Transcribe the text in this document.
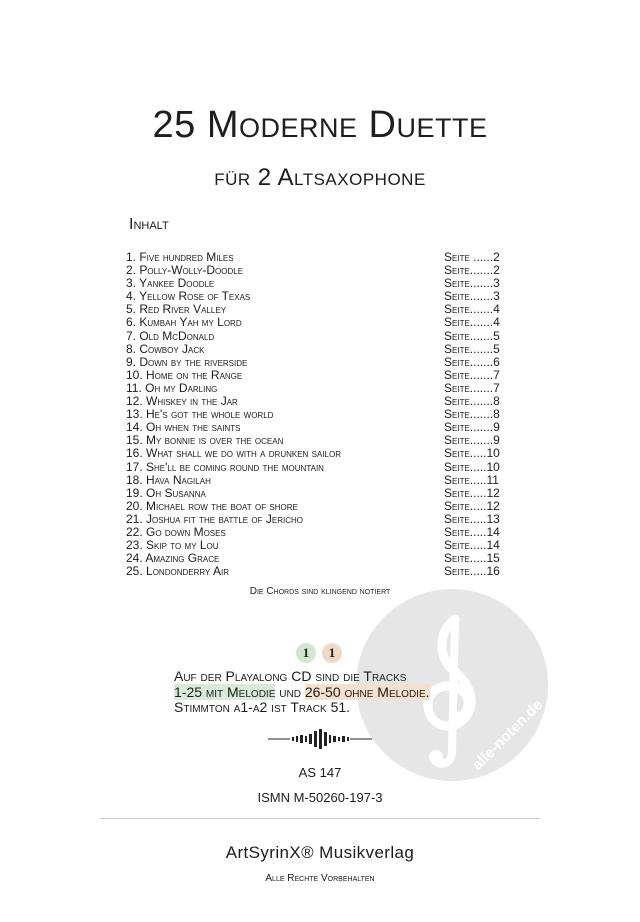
alle-noten.de
25 Moderne Duette
für 2 Altsaxophone
Inhalt
1. Five hundred Miles	Seite ......2
2. Polly-Wolly-Doodle	Seite.......2
3. Yankee Doodle	Seite.......3
4. Yellow Rose of Texas	Seite.......3
5. Red River Valley	Seite.......4
6. Kumbah Yah my Lord	Seite.......4
7. Old McDonald	Seite.......5
8. Cowboy Jack	Seite.......5
9. Down by the riverside	Seite.......6
10. Home on the Range	Seite.......7
11. Oh my Darling	Seite.......7
12. Whiskey in the Jar	Seite.......8
13. He's got the whole world	Seite.......8
14. Oh when the saints	Seite.......9
15. My bonnie is over the ocean	Seite.......9
16. What shall we do with a drunken sailor	Seite.....10
17. She'll be coming round the mountain	Seite.....10
18. Hava Nagilah	Seite.....11
19. Oh Susanna	Seite.....12
20. Michael row the boat of shore	Seite.....12
21. Joshua fit the battle of Jericho	Seite.....13
22. Go down Moses	Seite.....14
23. Skip to my Lou	Seite.....14
24. Amazing Grace	Seite.....15
25. Londonderry Air	Seite.....16
Die Chords sind klingend notiert
1	1
Auf der Playalong CD sind die Tracks
1-25 mit Melodie und 26-50 ohne Melodie.
Stimmton a1-a2 ist Track 51.
AS 147
ISMN M-50260-197-3
ArtSyrinX® Musikverlag
Alle Rechte Vorbehalten
